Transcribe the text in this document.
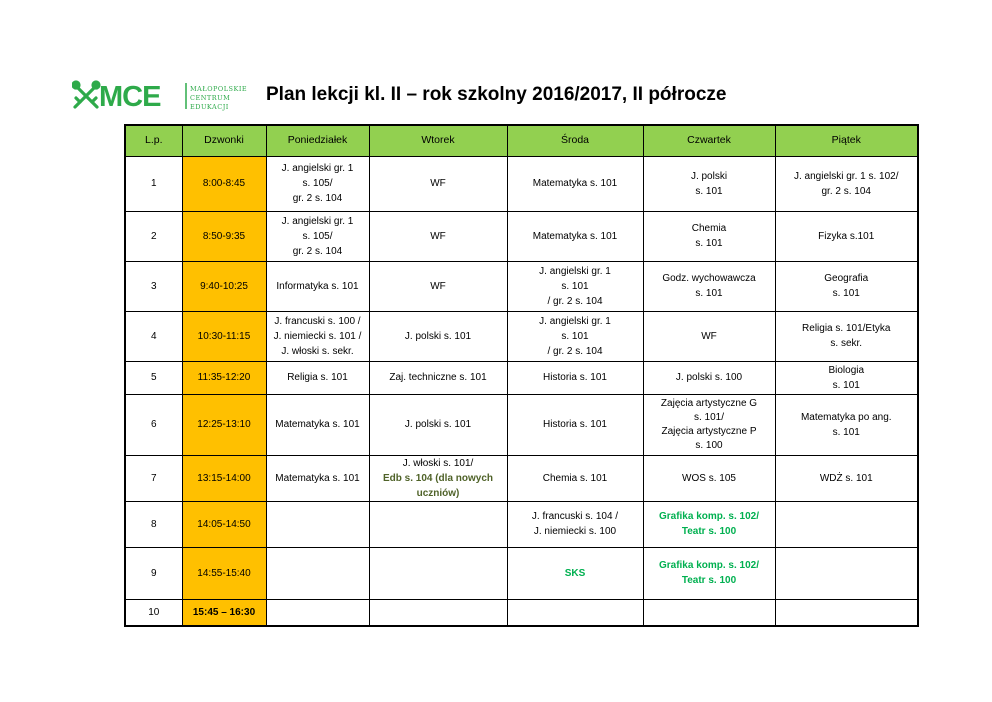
MCE	MAŁOPOLSKIE
CENTRUM
EDUKACJI
Plan lekcji kl. II – rok szkolny 2016/2017, II półrocze
L.p.	Dzwonki	Poniedziałek	Wtorek	Środa	Czwartek	Piątek
1	8:00-8:45	J. angielski gr. 1
s. 105/
gr. 2 s. 104	WF	Matematyka s. 101	J. polski
s. 101	J. angielski gr. 1 s. 102/
gr. 2 s. 104
2	8:50-9:35	J. angielski gr. 1
s. 105/
gr. 2 s. 104	WF	Matematyka s. 101	Chemia
s. 101	Fizyka s.101
3	9:40-10:25	Informatyka s. 101	WF	J. angielski gr. 1
s. 101
/ gr. 2 s. 104	Godz. wychowawcza
s. 101	Geografia
s. 101
4	10:30-11:15	J. francuski s. 100 /
J. niemiecki s. 101 /
J. włoski s. sekr.	J. polski s. 101	J. angielski gr. 1
s. 101
/ gr. 2 s. 104	WF	Religia s. 101/Etyka
s. sekr.
5	11:35-12:20	Religia s. 101	Zaj. techniczne s. 101	Historia s. 101	J. polski s. 100	Biologia
s. 101
6	12:25-13:10	Matematyka s. 101	J. polski s. 101	Historia s. 101	Zajęcia artystyczne G
s. 101/
Zajęcia artystyczne P
s. 100	Matematyka po ang.
s. 101
7	13:15-14:00	Matematyka s. 101	J. włoski s. 101/
Edb s. 104 (dla nowych
uczniów)	Chemia s. 101	WOS s. 105	WDŻ s. 101
8	14:05-14:50			J. francuski s. 104 /
J. niemiecki s. 100	Grafika komp. s. 102/
Teatr s. 100	
9	14:55-15:40			SKS	Grafika komp. s. 102/
Teatr s. 100	
10	15:45 – 16:30					
